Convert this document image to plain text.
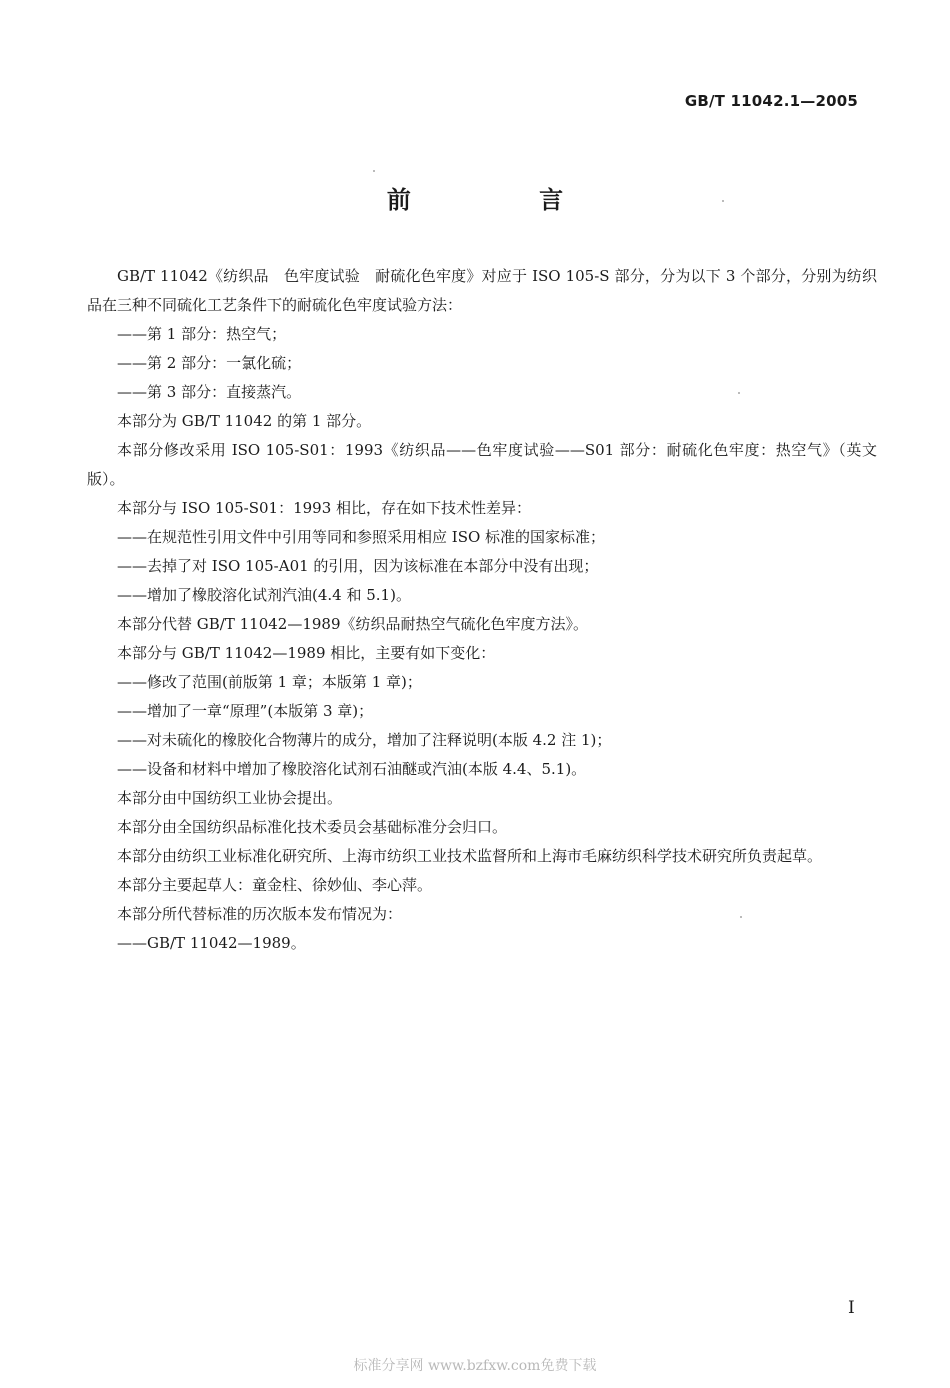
GB/T 11042.1—2005
前 言

GB/T 11042《纺织品　色牢度试验　耐硫化色牢度》对应于 ISO 105-S 部分，分为以下 3 个部分，分别为纺织品在三种不同硫化工艺条件下的耐硫化色牢度试验方法：

——第 1 部分：热空气；

——第 2 部分：一氯化硫；

——第 3 部分：直接蒸汽。

本部分为 GB/T 11042 的第 1 部分。

本部分修改采用 ISO 105-S01：1993《纺织品——色牢度试验——S01 部分：耐硫化色牢度：热空气》（英文版）。

本部分与 ISO 105-S01：1993 相比，存在如下技术性差异：

——在规范性引用文件中引用等同和参照采用相应 ISO 标准的国家标准；

——去掉了对 ISO 105-A01 的引用，因为该标准在本部分中没有出现；

——增加了橡胶溶化试剂汽油(4.4 和 5.1)。

本部分代替 GB/T 11042—1989《纺织品耐热空气硫化色牢度方法》。

本部分与 GB/T 11042—1989 相比，主要有如下变化：

——修改了范围(前版第 1 章；本版第 1 章)；

——增加了一章“原理”(本版第 3 章)；

——对未硫化的橡胶化合物薄片的成分，增加了注释说明(本版 4.2 注 1)；

——设备和材料中增加了橡胶溶化试剂石油醚或汽油(本版 4.4、5.1)。

本部分由中国纺织工业协会提出。

本部分由全国纺织品标准化技术委员会基础标准分会归口。

本部分由纺织工业标准化研究所、上海市纺织工业技术监督所和上海市毛麻纺织科学技术研究所负责起草。

本部分主要起草人：童金柱、徐妙仙、李心萍。

本部分所代替标准的历次版本发布情况为：

——GB/T 11042—1989。

I
标准分享网 www.bzfxw.com免费下载
